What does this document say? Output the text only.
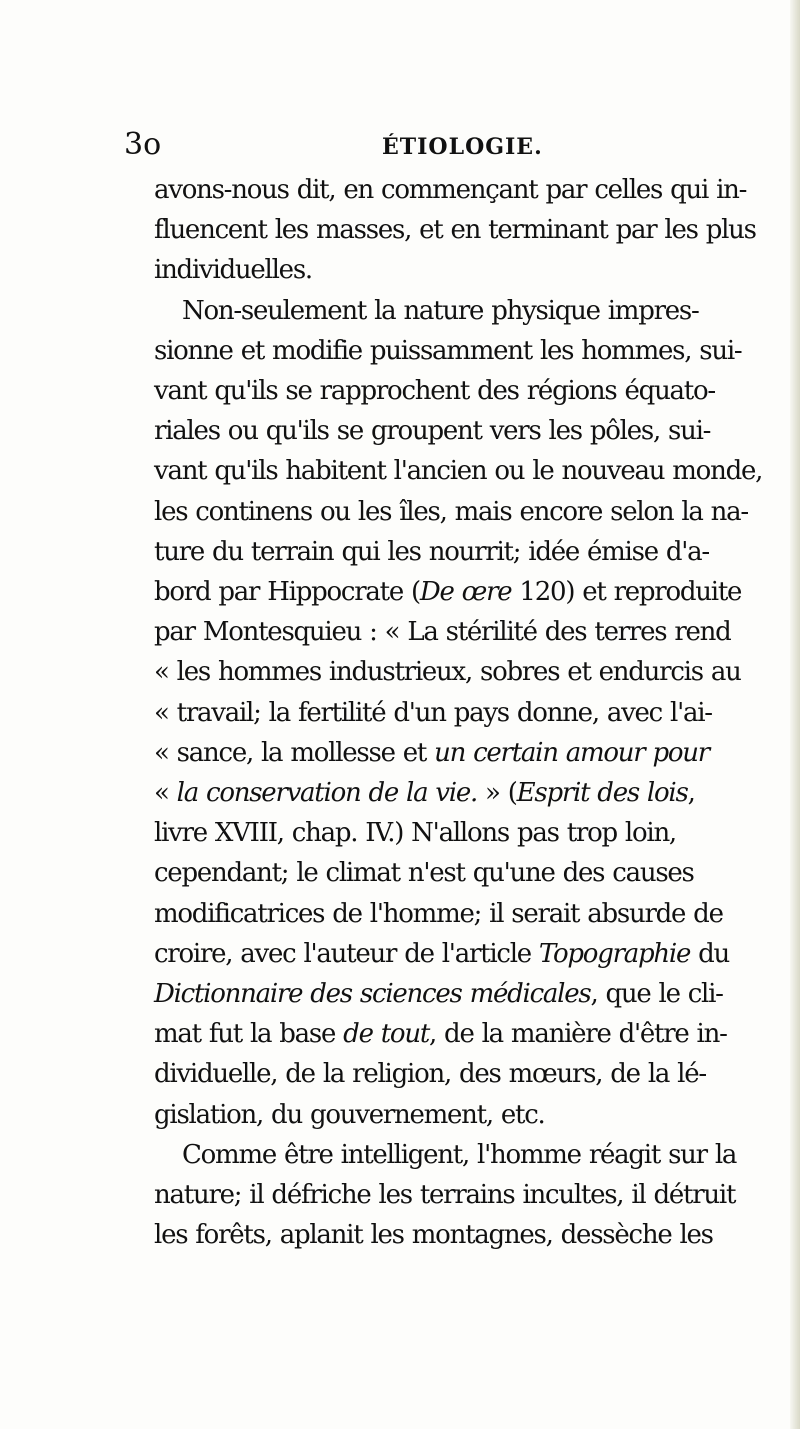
3o	ÉTIOLOGIE.
avons-nous dit, en commençant par celles qui in-
fluencent les masses, et en terminant par les plus
individuelles.
Non-seulement la nature physique impres-
sionne et modifie puissamment les hommes, sui-
vant qu'ils se rapprochent des régions équato-
riales ou qu'ils se groupent vers les pôles, sui-
vant qu'ils habitent l'ancien ou le nouveau monde,
les continens ou les îles, mais encore selon la na-
ture du terrain qui les nourrit; idée émise d'a-
bord par Hippocrate (De œre 120) et reproduite
par Montesquieu : « La stérilité des terres rend
« les hommes industrieux, sobres et endurcis au
« travail; la fertilité d'un pays donne, avec l'ai-
« sance, la mollesse et un certain amour pour
« la conservation de la vie. » (Esprit des lois,
livre XVIII, chap. IV.) N'allons pas trop loin,
cependant; le climat n'est qu'une des causes
modificatrices de l'homme; il serait absurde de
croire, avec l'auteur de l'article Topographie du
Dictionnaire des sciences médicales, que le cli-
mat fut la base de tout, de la manière d'être in-
dividuelle, de la religion, des mœurs, de la lé-
gislation, du gouvernement, etc.
Comme être intelligent, l'homme réagit sur la
nature; il défriche les terrains incultes, il détruit
les forêts, aplanit les montagnes, dessèche les
